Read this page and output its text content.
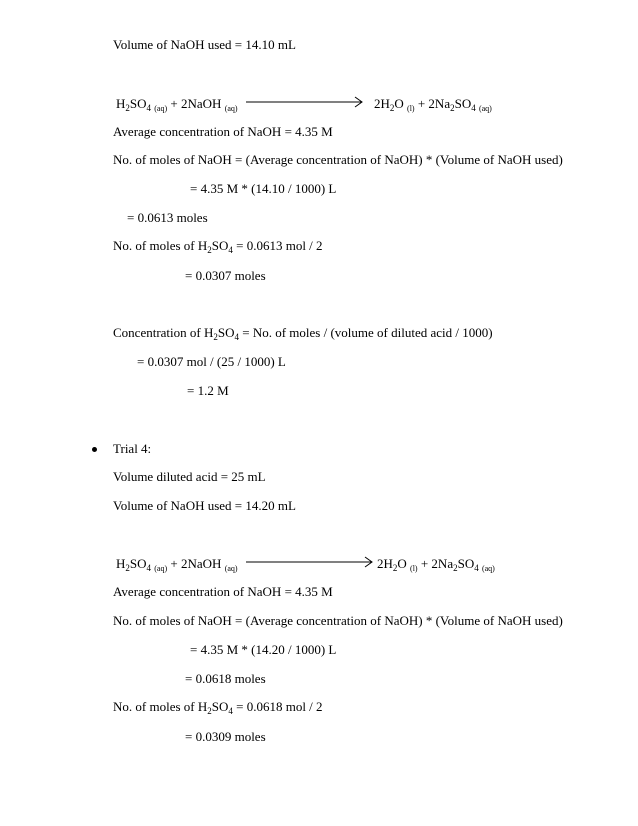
Volume of NaOH used = 14.10 mL
$H_2SO_4$ $_{(aq)}$ + 2NaOH $_{(aq)}$	$2H_2O$ $_{(l)} + 2Na_2SO_4$ $_{(aq)}$
Average concentration of NaOH = 4.35 M
No. of moles of NaOH = (Average concentration of NaOH) * (Volume of NaOH used)
= 4.35 M * (14.10 / 1000) L
= 0.0613 moles
No. of moles of $H_2SO_4 = 0.0613$ mol / 2
= 0.0307 moles
Concentration of $H_2SO_4 = No$. of moles / (volume of diluted acid / 1000)
= 0.0307 mol / (25 / 1000) L
= 1.2 M
Trial 4:
Volume diluted acid = 25 mL
Volume of NaOH used = 14.20 mL
$H_2SO_4$ $_{(aq)}$ + 2NaOH $_{(aq)}$	$2H_2O$ $_{(l)} + 2Na_2SO_4$ $_{(aq)}$
Average concentration of NaOH = 4.35 M
No. of moles of NaOH = (Average concentration of NaOH) * (Volume of NaOH used)
= 4.35 M * (14.20 / 1000) L
= 0.0618 moles
No. of moles of $H_2SO_4 = 0.0618$ mol / 2
= 0.0309 moles
